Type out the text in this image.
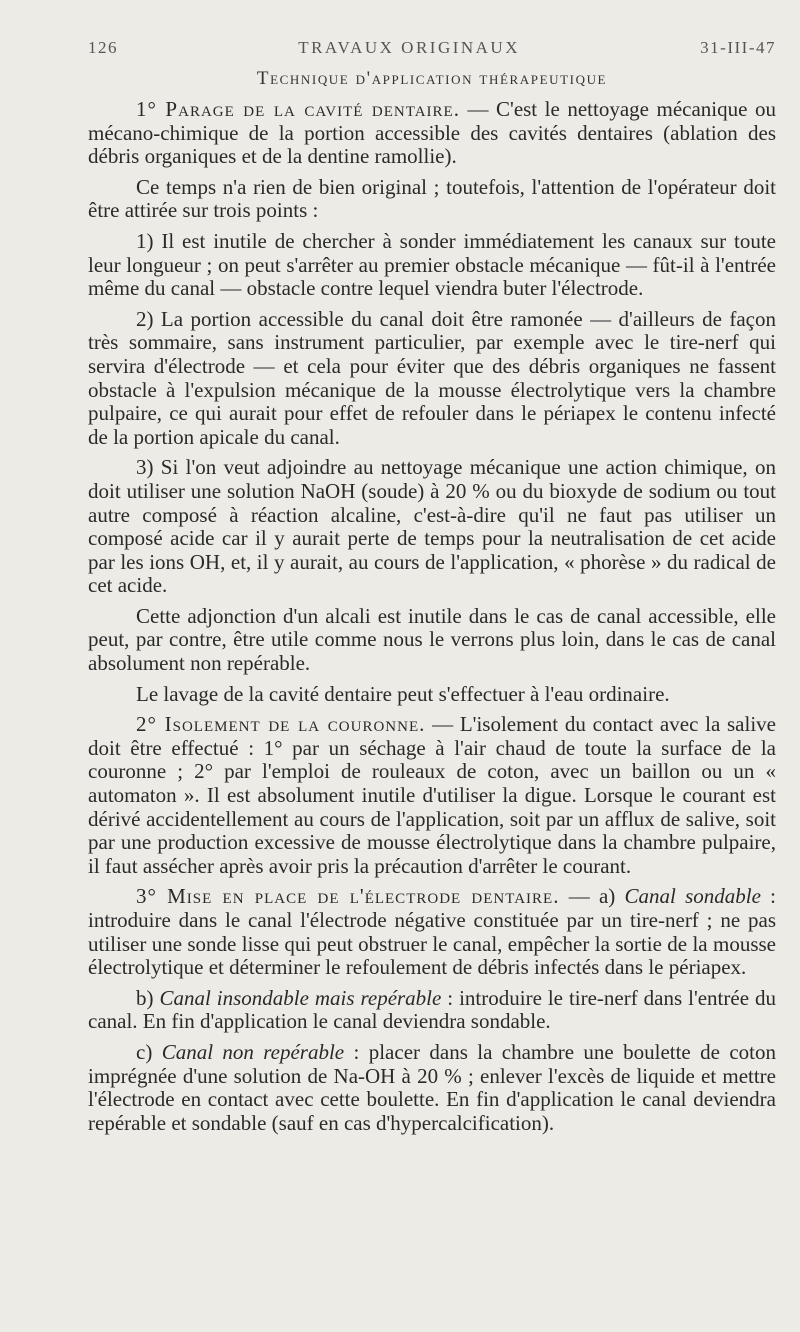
126	TRAVAUX ORIGINAUX	31-III-47
Technique d'application thérapeutique

1° Parage de la cavité dentaire. — C'est le nettoyage mécanique ou mécano-chimique de la portion accessible des cavités dentaires (ablation des débris organiques et de la dentine ramollie).

Ce temps n'a rien de bien original ; toutefois, l'attention de l'opérateur doit être attirée sur trois points :

1) Il est inutile de chercher à sonder immédiatement les canaux sur toute leur longueur ; on peut s'arrêter au premier obstacle mécanique — fût-il à l'entrée même du canal — obstacle contre lequel viendra buter l'électrode.

2) La portion accessible du canal doit être ramonée — d'ailleurs de façon très sommaire, sans instrument particulier, par exemple avec le tire-nerf qui servira d'électrode — et cela pour éviter que des débris organiques ne fassent obstacle à l'expulsion mécanique de la mousse électrolytique vers la chambre pulpaire, ce qui aurait pour effet de refouler dans le périapex le contenu infecté de la portion apicale du canal.

3) Si l'on veut adjoindre au nettoyage mécanique une action chimique, on doit utiliser une solution NaOH (soude) à 20 % ou du bioxyde de sodium ou tout autre composé à réaction alcaline, c'est-à-dire qu'il ne faut pas utiliser un composé acide car il y aurait perte de temps pour la neutralisation de cet acide par les ions OH, et, il y aurait, au cours de l'application, « phorèse » du radical de cet acide.

Cette adjonction d'un alcali est inutile dans le cas de canal accessible, elle peut, par contre, être utile comme nous le verrons plus loin, dans le cas de canal absolument non repérable.

Le lavage de la cavité dentaire peut s'effectuer à l'eau ordinaire.

2° Isolement de la couronne. — L'isolement du contact avec la salive doit être effectué : 1° par un séchage à l'air chaud de toute la surface de la couronne ; 2° par l'emploi de rouleaux de coton, avec un baillon ou un « automaton ». Il est absolument inutile d'utiliser la digue. Lorsque le courant est dérivé accidentellement au cours de l'application, soit par un afflux de salive, soit par une production excessive de mousse électrolytique dans la chambre pulpaire, il faut assécher après avoir pris la précaution d'arrêter le courant.

3° Mise en place de l'électrode dentaire. — a) Canal sondable : introduire dans le canal l'électrode négative constituée par un tire-nerf ; ne pas utiliser une sonde lisse qui peut obstruer le canal, empêcher la sortie de la mousse électrolytique et déterminer le refoulement de débris infectés dans le périapex.

b) Canal insondable mais repérable : introduire le tire-nerf dans l'entrée du canal. En fin d'application le canal deviendra sondable.

c) Canal non repérable : placer dans la chambre une boulette de coton imprégnée d'une solution de Na-OH à 20 % ; enlever l'excès de liquide et mettre l'électrode en contact avec cette boulette. En fin d'application le canal deviendra repérable et sondable (sauf en cas d'hypercalcification).
